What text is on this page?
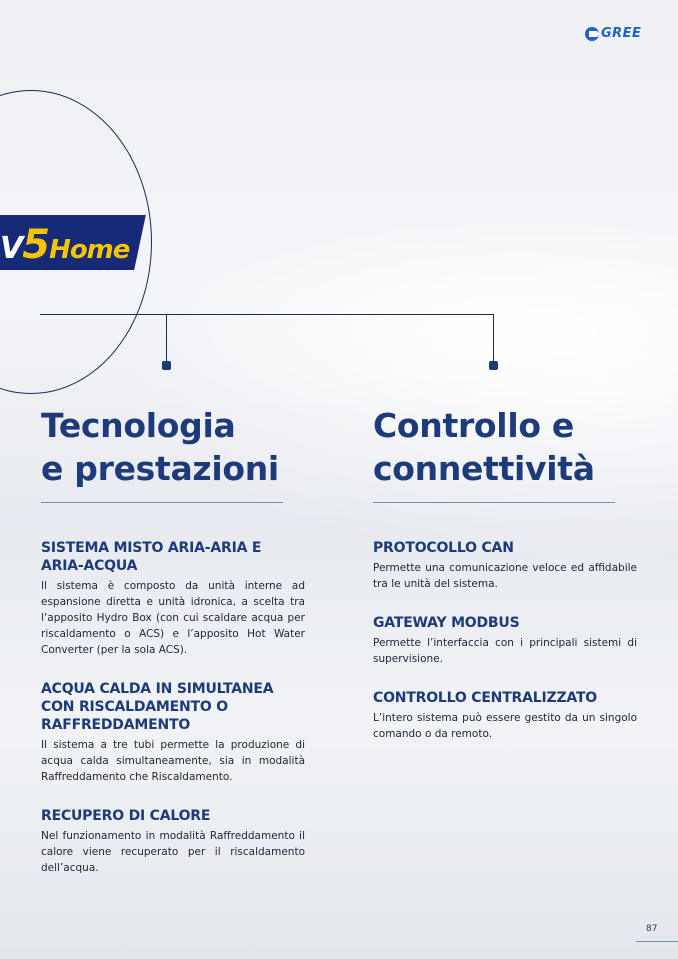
GREE
V5Home
Tecnologia
e prestazioni

SISTEMA MISTO ARIA-ARIA E ARIA-ACQUA

Il sistema è composto da unità interne ad espansione diretta e unità idronica, a scelta tra l’apposito Hydro Box (con cui scaldare acqua per riscaldamento o ACS) e l’apposito Hot Water Converter (per la sola ACS).

ACQUA CALDA IN SIMULTANEA CON RISCALDAMENTO O RAFFREDDAMENTO

Il sistema a tre tubi permette la produzione di acqua calda simultaneamente, sia in modalità Raffreddamento che Riscaldamento.

RECUPERO DI CALORE

Nel funzionamento in modalità Raffreddamento il calore viene recuperato per il riscaldamento dell’acqua.

Controllo e
connettività

PROTOCOLLO CAN

Permette una comunicazione veloce ed affidabile tra le unità del sistema.

GATEWAY MODBUS

Permette l’interfaccia con i principali sistemi di supervisione.

CONTROLLO CENTRALIZZATO

L’intero sistema può essere gestito da un singolo comando o da remoto.

87
